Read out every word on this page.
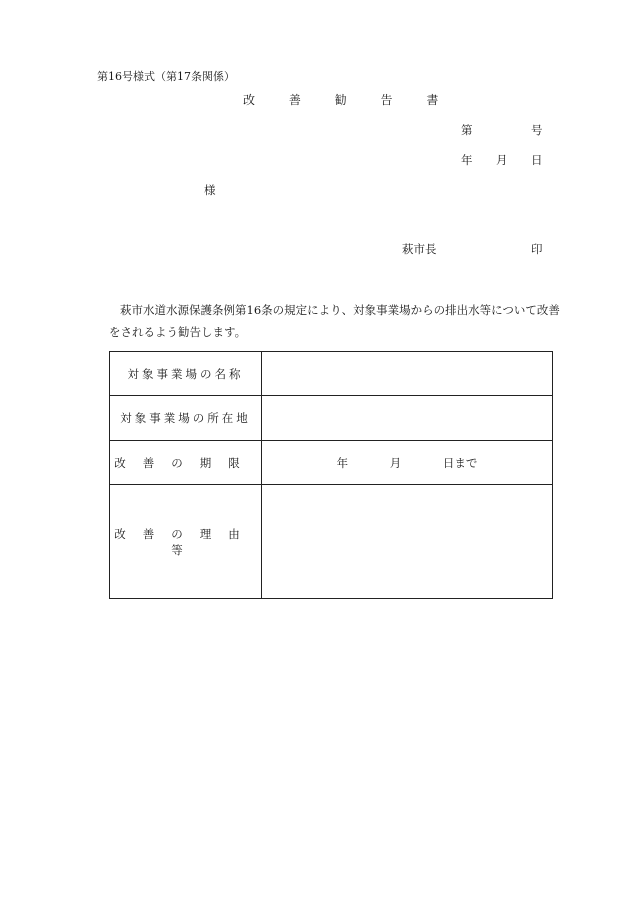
第16号様式（第17条関係）
改	善	勧	告	書
第	号
年 月 日
様
萩市長	印
萩市水道水源保護条例第16条の規定により、対象事業場からの排出水等について改善をされるよう勧告します。
対象事業場の名称	
対象事業場の所在地	
改善の期限	年 月 日まで
改善の理由等	
